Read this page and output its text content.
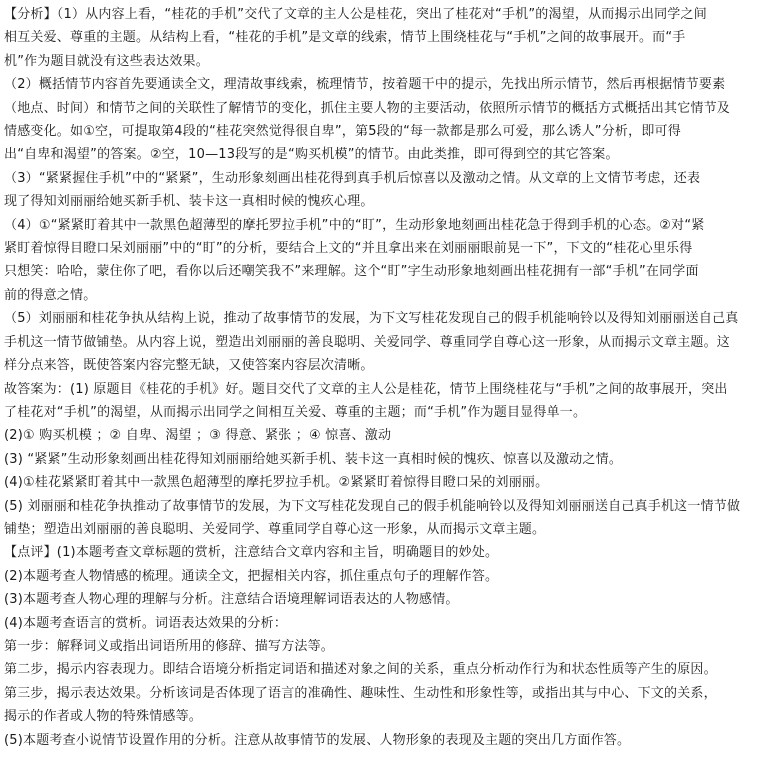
【分析】（1）从内容上看，“桂花的手机”交代了文章的主人公是桂花，突出了桂花对“手机”的渴望，从而揭示出同学之间
相互关爱、尊重的主题。从结构上看，“桂花的手机”是文章的线索，情节上围绕桂花与“手机”之间的故事展开。而“手
机”作为题目就没有这些表达效果。
（2）概括情节内容首先要通读全文，理清故事线索，梳理情节，按着题干中的提示，先找出所示情节，然后再根据情节要素
（地点、时间）和情节之间的关联性了解情节的变化，抓住主要人物的主要活动，依照所示情节的概括方式概括出其它情节及
情感变化。如①空，可提取第4段的“桂花突然觉得很自卑”，第5段的“每一款都是那么可爱，那么诱人”分析，即可得
出“自卑和渴望”的答案。②空，10—13段写的是“购买机模”的情节。由此类推，即可得到空的其它答案。
（3）“紧紧握住手机”中的“紧紧”，生动形象刻画出桂花得到真手机后惊喜以及激动之情。从文章的上文情节考虑，还表
现了得知刘丽丽给她买新手机、装卡这一真相时候的愧疚心理。
（4）①“紧紧盯着其中一款黑色超薄型的摩托罗拉手机”中的“盯”，生动形象地刻画出桂花急于得到手机的心态。②对“紧
紧盯着惊得目瞪口呆刘丽丽”中的“盯”的分析，要结合上文的“并且拿出来在刘丽丽眼前晃一下”，下文的“桂花心里乐得
只想笑：哈哈，蒙住你了吧，看你以后还嘲笑我不”来理解。这个“盯”字生动形象地刻画出桂花拥有一部“手机”在同学面
前的得意之情。
（5）刘丽丽和桂花争执从结构上说，推动了故事情节的发展，为下文写桂花发现自己的假手机能响铃以及得知刘丽丽送自己真
手机这一情节做铺垫。从内容上说，塑造出刘丽丽的善良聪明、关爱同学、尊重同学自尊心这一形象，从而揭示文章主题。这
样分点来答，既使答案内容完整无缺，又使答案内容层次清晰。
故答案为：(1) 原题目《桂花的手机》好。题目交代了文章的主人公是桂花，情节上围绕桂花与“手机”之间的故事展开，突出
了桂花对“手机”的渴望，从而揭示出同学之间相互关爱、尊重的主题；而“手机”作为题目显得单一。
(2)① 购买机模 ；② 自卑、渴望 ；③ 得意、紧张 ；④ 惊喜、激动
(3) “紧紧”生动形象刻画出桂花得知刘丽丽给她买新手机、装卡这一真相时候的愧疚、惊喜以及激动之情。
(4)①桂花紧紧盯着其中一款黑色超薄型的摩托罗拉手机。②紧紧盯着惊得目瞪口呆的刘丽丽。
(5) 刘丽丽和桂花争执推动了故事情节的发展，为下文写桂花发现自己的假手机能响铃以及得知刘丽丽送自己真手机这一情节做
铺垫；塑造出刘丽丽的善良聪明、关爱同学、尊重同学自尊心这一形象，从而揭示文章主题。
【点评】(1)本题考查文章标题的赏析，注意结合文章内容和主旨，明确题目的妙处。
(2)本题考查人物情感的梳理。通读全文，把握相关内容，抓住重点句子的理解作答。
(3)本题考查人物心理的理解与分析。注意结合语境理解词语表达的人物感情。
(4)本题考查语言的赏析。词语表达效果的分析：
第一步：解释词义或指出词语所用的修辞、描写方法等。
第二步，揭示内容表现力。即结合语境分析指定词语和描述对象之间的关系，重点分析动作行为和状态性质等产生的原因。
第三步，揭示表达效果。分析该词是否体现了语言的准确性、趣味性、生动性和形象性等，或指出其与中心、下文的关系，
揭示的作者或人物的特殊情感等。
(5)本题考查小说情节设置作用的分析。注意从故事情节的发展、人物形象的表现及主题的突出几方面作答。
